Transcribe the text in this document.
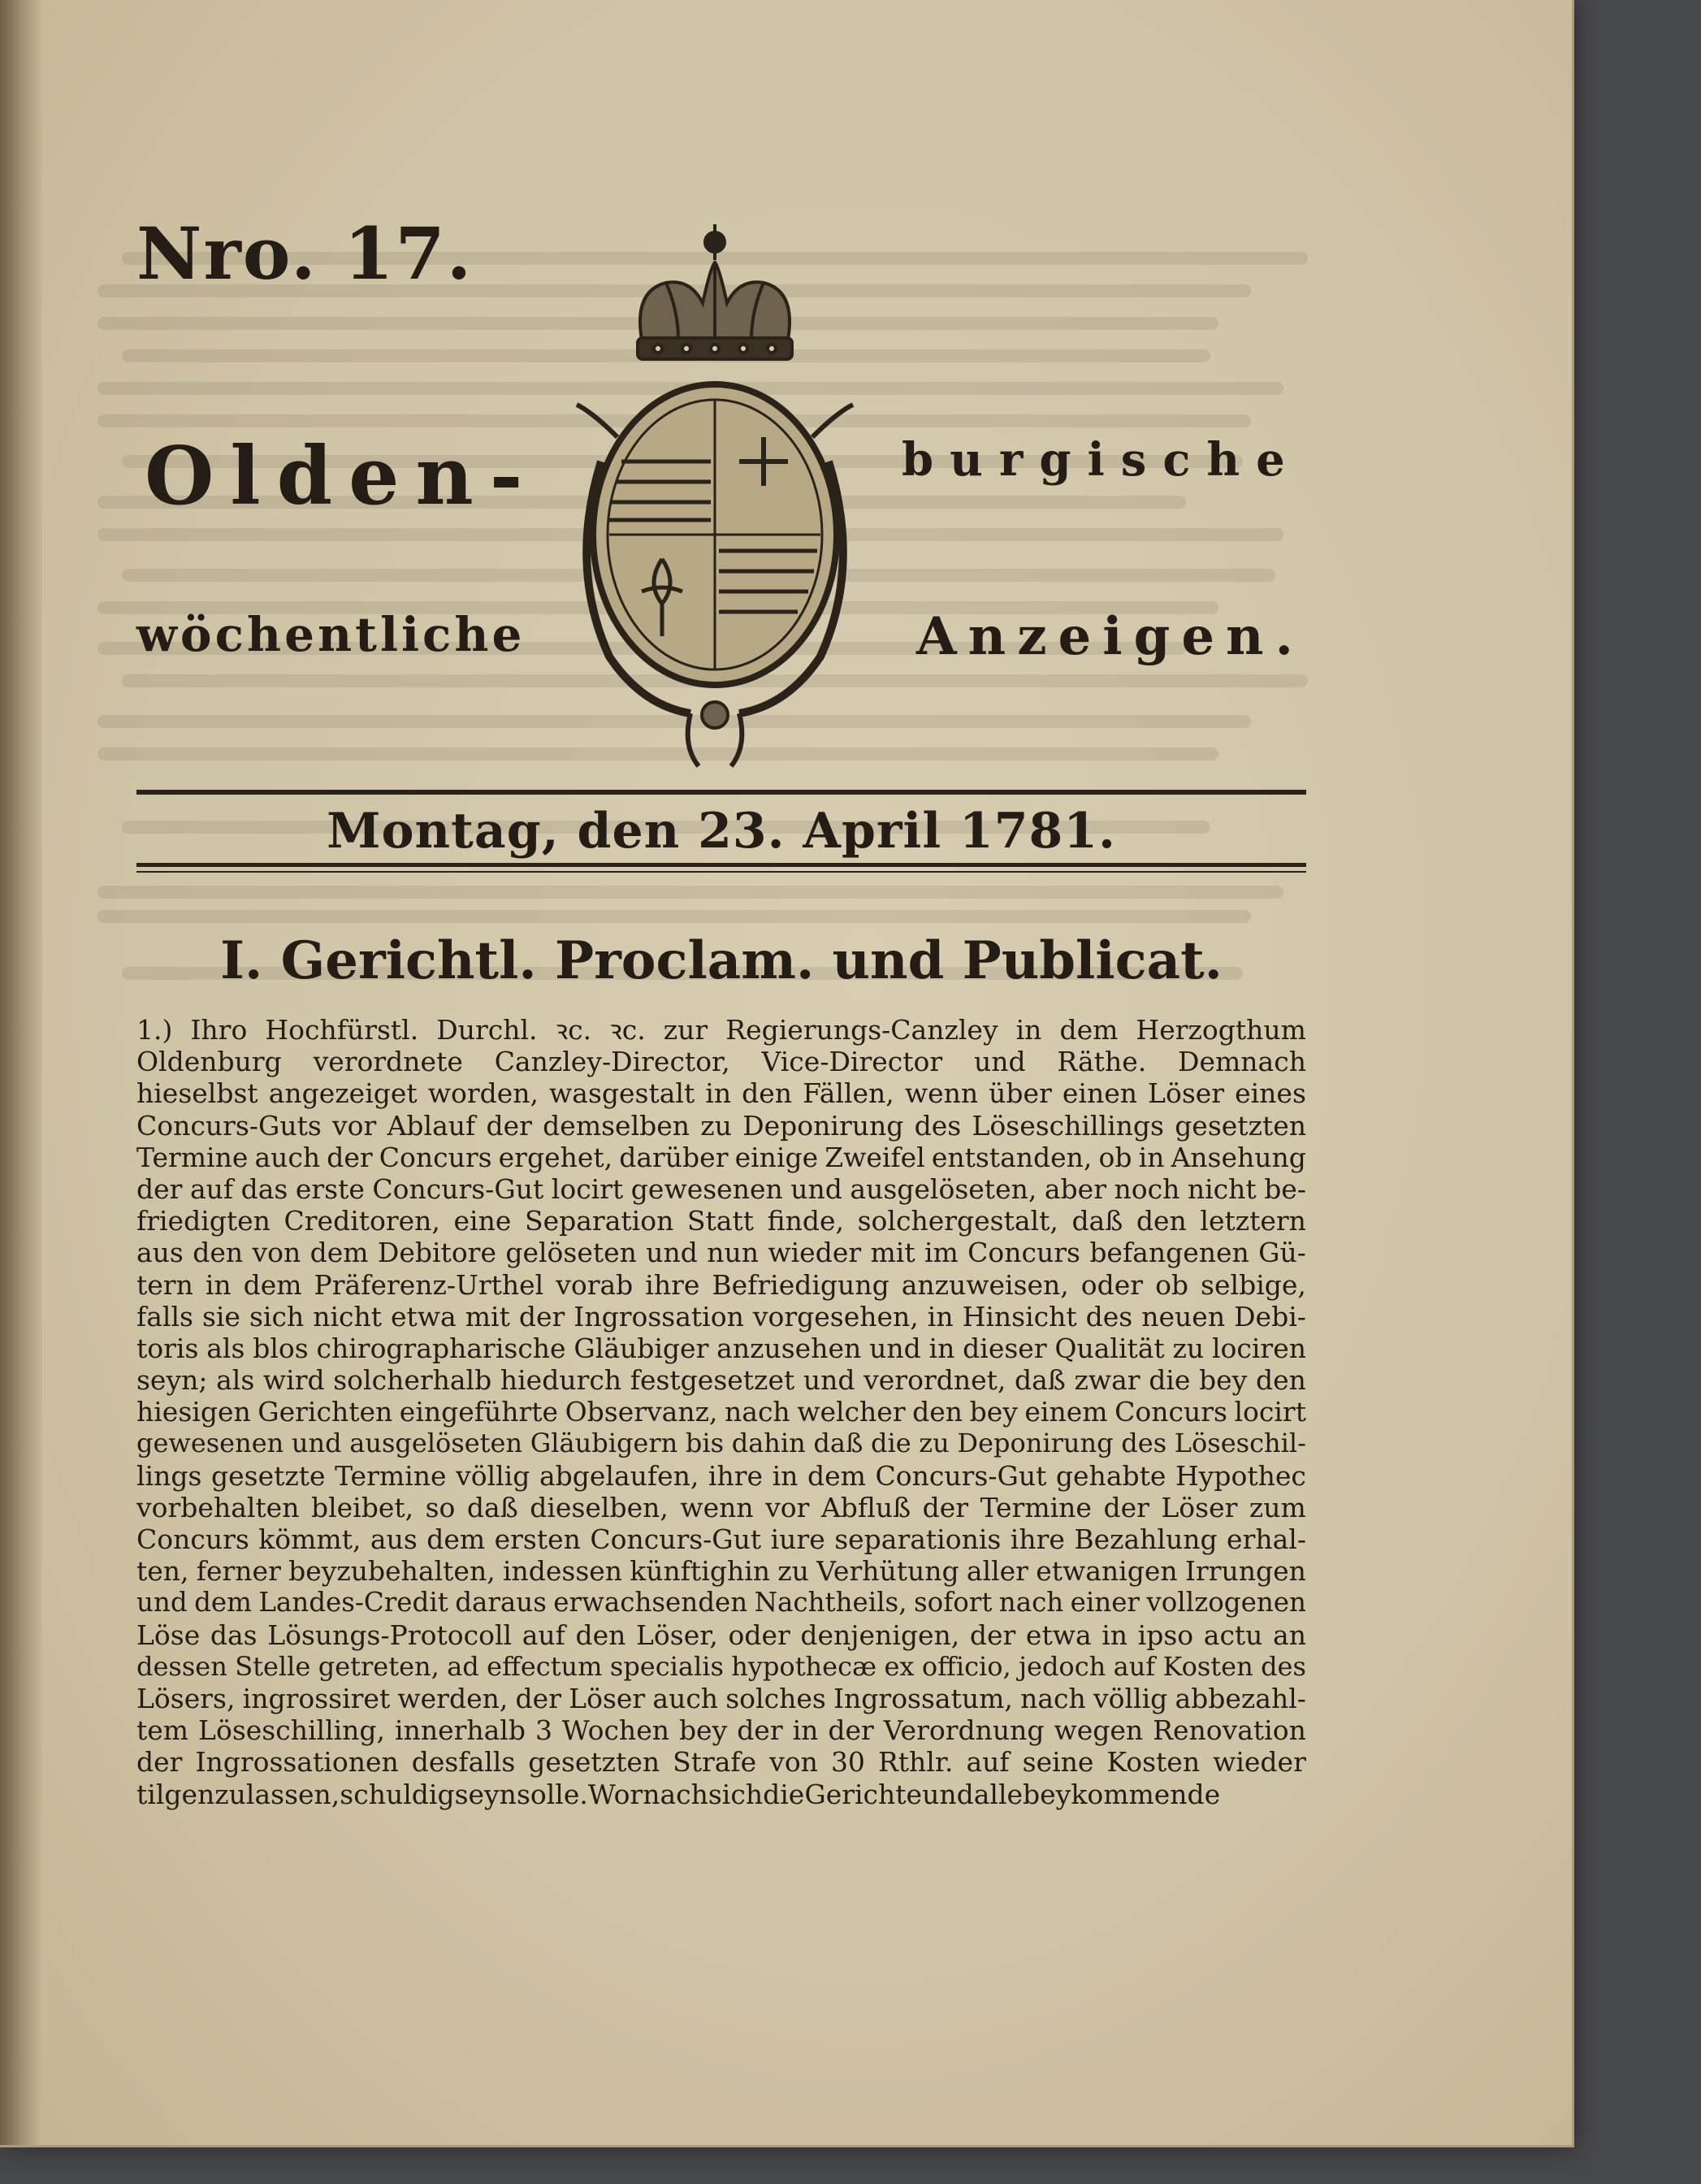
Nro. 17.
Olden-	burgische
wöchentliche	Anzeigen.
Montag, den 23. April 1781.
I. Gerichtl. Proclam. und Publicat.
1.) Ihro Hochfürstl. Durchl. ꝛc. ꝛc. zur Regierungs-Canzley in dem Herzogthum
Oldenburg verordnete Canzley-Director, Vice-Director und Räthe. Demnach
hieselbst angezeiget worden, wasgestalt in den Fällen, wenn über einen Löser eines
Concurs-Guts vor Ablauf der demselben zu Deponirung des Löseschillings gesetzten
Termine auch der Concurs ergehet, darüber einige Zweifel entstanden, ob in Ansehung
der auf das erste Concurs-Gut locirt gewesenen und ausgelöseten, aber noch nicht be-
friedigten Creditoren, eine Separation Statt finde, solchergestalt, daß den letztern
aus den von dem Debitore gelöseten und nun wieder mit im Concurs befangenen Gü-
tern in dem Präferenz-Urthel vorab ihre Befriedigung anzuweisen, oder ob selbige,
falls sie sich nicht etwa mit der Ingrossation vorgesehen, in Hinsicht des neuen Debi-
toris als blos chirographarische Gläubiger anzusehen und in dieser Qualität zu lociren
seyn; als wird solcherhalb hiedurch festgesetzet und verordnet, daß zwar die bey den
hiesigen Gerichten eingeführte Observanz, nach welcher den bey einem Concurs locirt
gewesenen und ausgelöseten Gläubigern bis dahin daß die zu Deponirung des Löseschil-
lings gesetzte Termine völlig abgelaufen, ihre in dem Concurs-Gut gehabte Hypothec
vorbehalten bleibet, so daß dieselben, wenn vor Abfluß der Termine der Löser zum
Concurs kömmt, aus dem ersten Concurs-Gut iure separationis ihre Bezahlung erhal-
ten, ferner beyzubehalten, indessen künftighin zu Verhütung aller etwanigen Irrungen
und dem Landes-Credit daraus erwachsenden Nachtheils, sofort nach einer vollzogenen
Löse das Lösungs-Protocoll auf den Löser, oder denjenigen, der etwa in ipso actu an
dessen Stelle getreten, ad effectum specialis hypothecæ ex officio, jedoch auf Kosten des
Lösers, ingrossiret werden, der Löser auch solches Ingrossatum, nach völlig abbezahl-
tem Löseschilling, innerhalb 3 Wochen bey der in der Verordnung wegen Renovation
der Ingrossationen desfalls gesetzten Strafe von 30 Rthlr. auf seine Kosten wieder
tilgen zu lassen, schuldig seyn solle. Wornach sich die Gerichte und alle beykommende
